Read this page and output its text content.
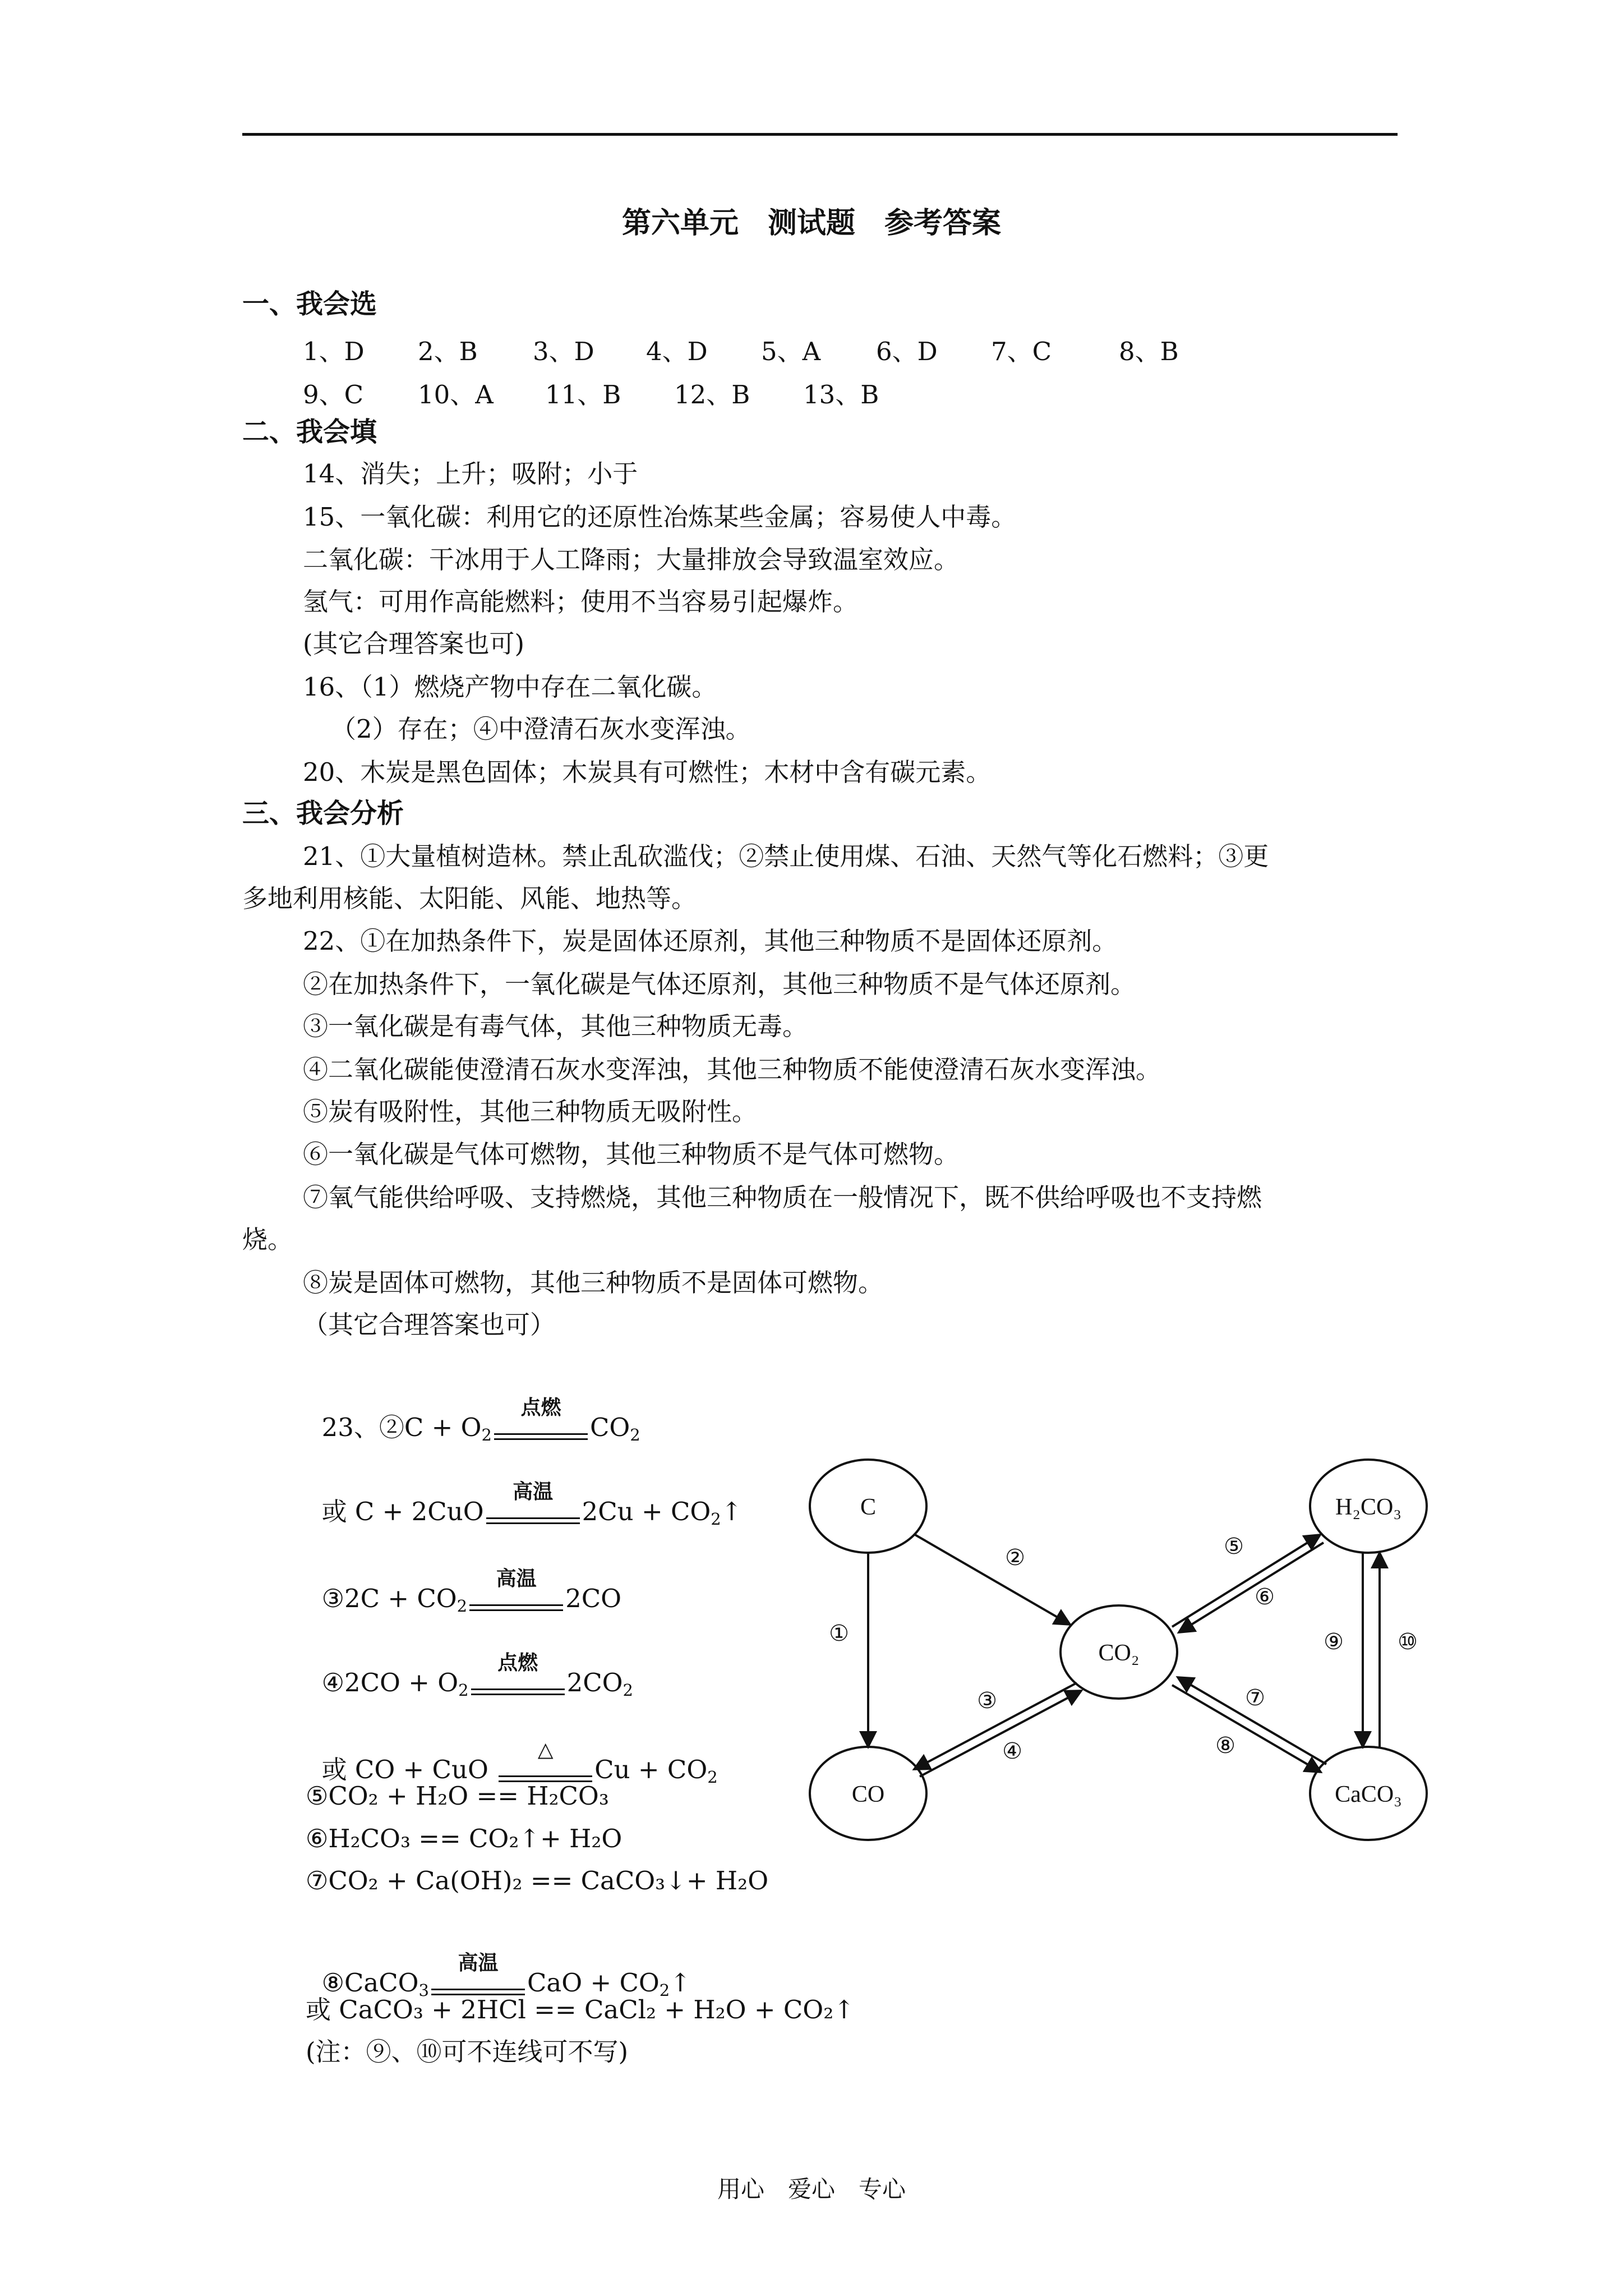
第六单元　测试题　参考答案
一、我会选
1、D 2、B 3、D 4、D 5、A 6、D 7、C	8、B
9、C 10、A 11、B 12、B 13、B
二、我会填
14、消失；上升；吸附；小于
15、一氧化碳：利用它的还原性冶炼某些金属；容易使人中毒。
二氧化碳：干冰用于人工降雨；大量排放会导致温室效应。
氢气：可用作高能燃料；使用不当容易引起爆炸。
(其它合理答案也可)
16、（1）燃烧产物中存在二氧化碳。
（2）存在；④中澄清石灰水变浑浊。
20、木炭是黑色固体；木炭具有可燃性；木材中含有碳元素。
三、我会分析
21、①大量植树造林。禁止乱砍滥伐；②禁止使用煤、石油、天然气等化石燃料；③更
多地利用核能、太阳能、风能、地热等。
22、①在加热条件下，炭是固体还原剂，其他三种物质不是固体还原剂。
②在加热条件下，一氧化碳是气体还原剂，其他三种物质不是气体还原剂。
③一氧化碳是有毒气体，其他三种物质无毒。
④二氧化碳能使澄清石灰水变浑浊，其他三种物质不能使澄清石灰水变浑浊。
⑤炭有吸附性，其他三种物质无吸附性。
⑥一氧化碳是气体可燃物，其他三种物质不是气体可燃物。
⑦氧气能供给呼吸、支持燃烧，其他三种物质在一般情况下，既不供给呼吸也不支持燃
烧。
⑧炭是固体可燃物，其他三种物质不是固体可燃物。
（其它合理答案也可）

23、②C + $O_2$
点燃
$CO_2$

或 C + 2CuO
高温
$2Cu + CO_2↑$

③2C + $CO_2$
高温
2CO

④2CO + $O_2$
点燃
$2CO_2$

或 CO + CuO
△
$Cu + CO_2$

⑤CO₂ + H₂O == H₂CO₃
⑥H₂CO₃ == CO₂↑+ H₂O
⑦CO₂ + Ca(OH)₂ == CaCO₃↓+ H₂O

⑧CaCO$_3$
高温
CaO + $CO_2↑$

或 CaCO₃ + 2HCl == CaCl₂ + H₂O + CO₂↑
(注：⑨、⑩可不连线可不写)
C	H₂CO₃
CO₂
CO	CaCO₃
①
②
③
④
⑤
⑥
⑦
⑧
⑨ ⑩
用心　爱心　专心
